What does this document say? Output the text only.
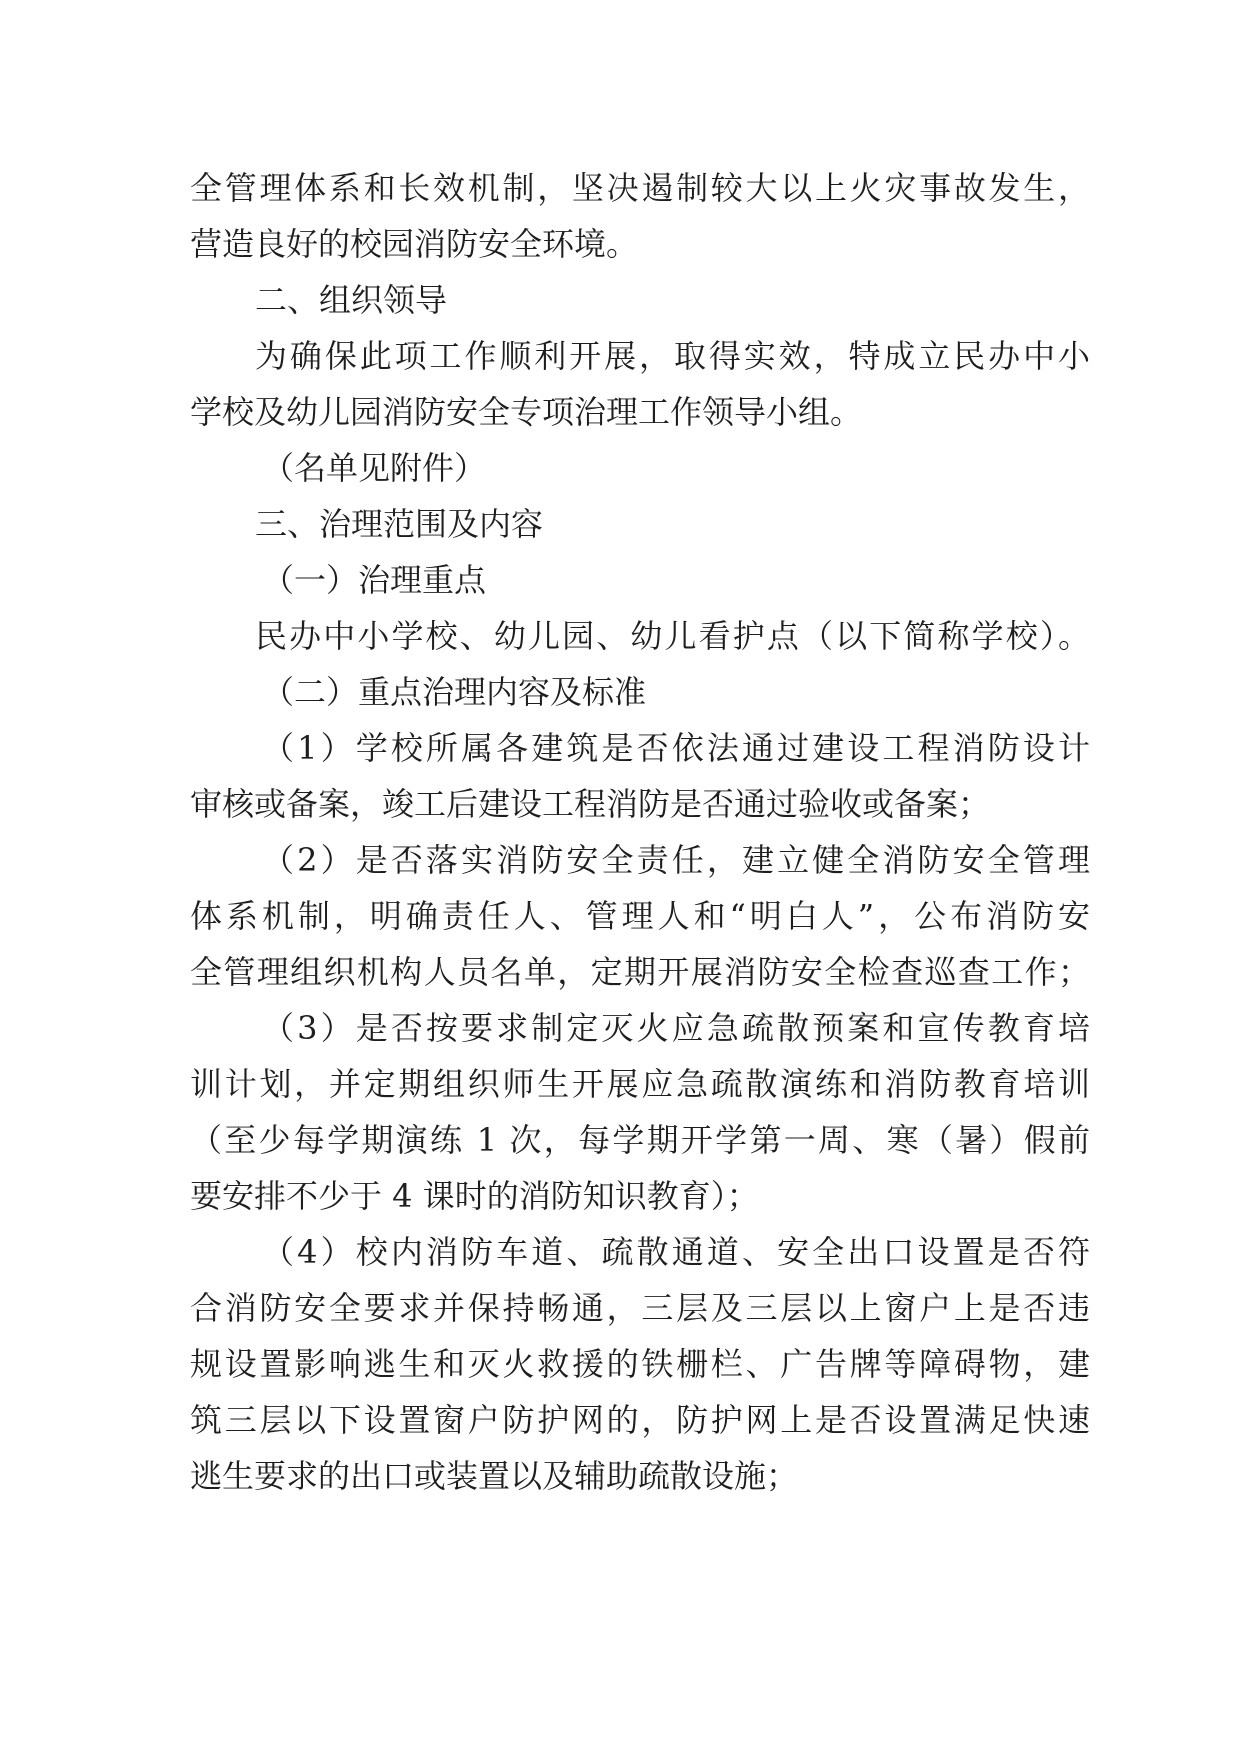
全管理体系和长效机制，坚决遏制较大以上火灾事故发生，
营造良好的校园消防安全环境。
二、组织领导
为确保此项工作顺利开展，取得实效，特成立民办中小
学校及幼儿园消防安全专项治理工作领导小组。
（名单见附件）
三、治理范围及内容
（一）治理重点
民办中小学校、幼儿园、幼儿看护点（以下简称学校）。
（二）重点治理内容及标准
（1）学校所属各建筑是否依法通过建设工程消防设计
审核或备案，竣工后建设工程消防是否通过验收或备案；
（2）是否落实消防安全责任，建立健全消防安全管理
体系机制，明确责任人、管理人和“明白人”，公布消防安
全管理组织机构人员名单，定期开展消防安全检查巡查工作；
（3）是否按要求制定灭火应急疏散预案和宣传教育培
训计划，并定期组织师生开展应急疏散演练和消防教育培训
（至少每学期演练 1 次，每学期开学第一周、寒（暑）假前
要安排不少于 4 课时的消防知识教育）；
（4）校内消防车道、疏散通道、安全出口设置是否符
合消防安全要求并保持畅通，三层及三层以上窗户上是否违
规设置影响逃生和灭火救援的铁栅栏、广告牌等障碍物，建
筑三层以下设置窗户防护网的，防护网上是否设置满足快速
逃生要求的出口或装置以及辅助疏散设施；
